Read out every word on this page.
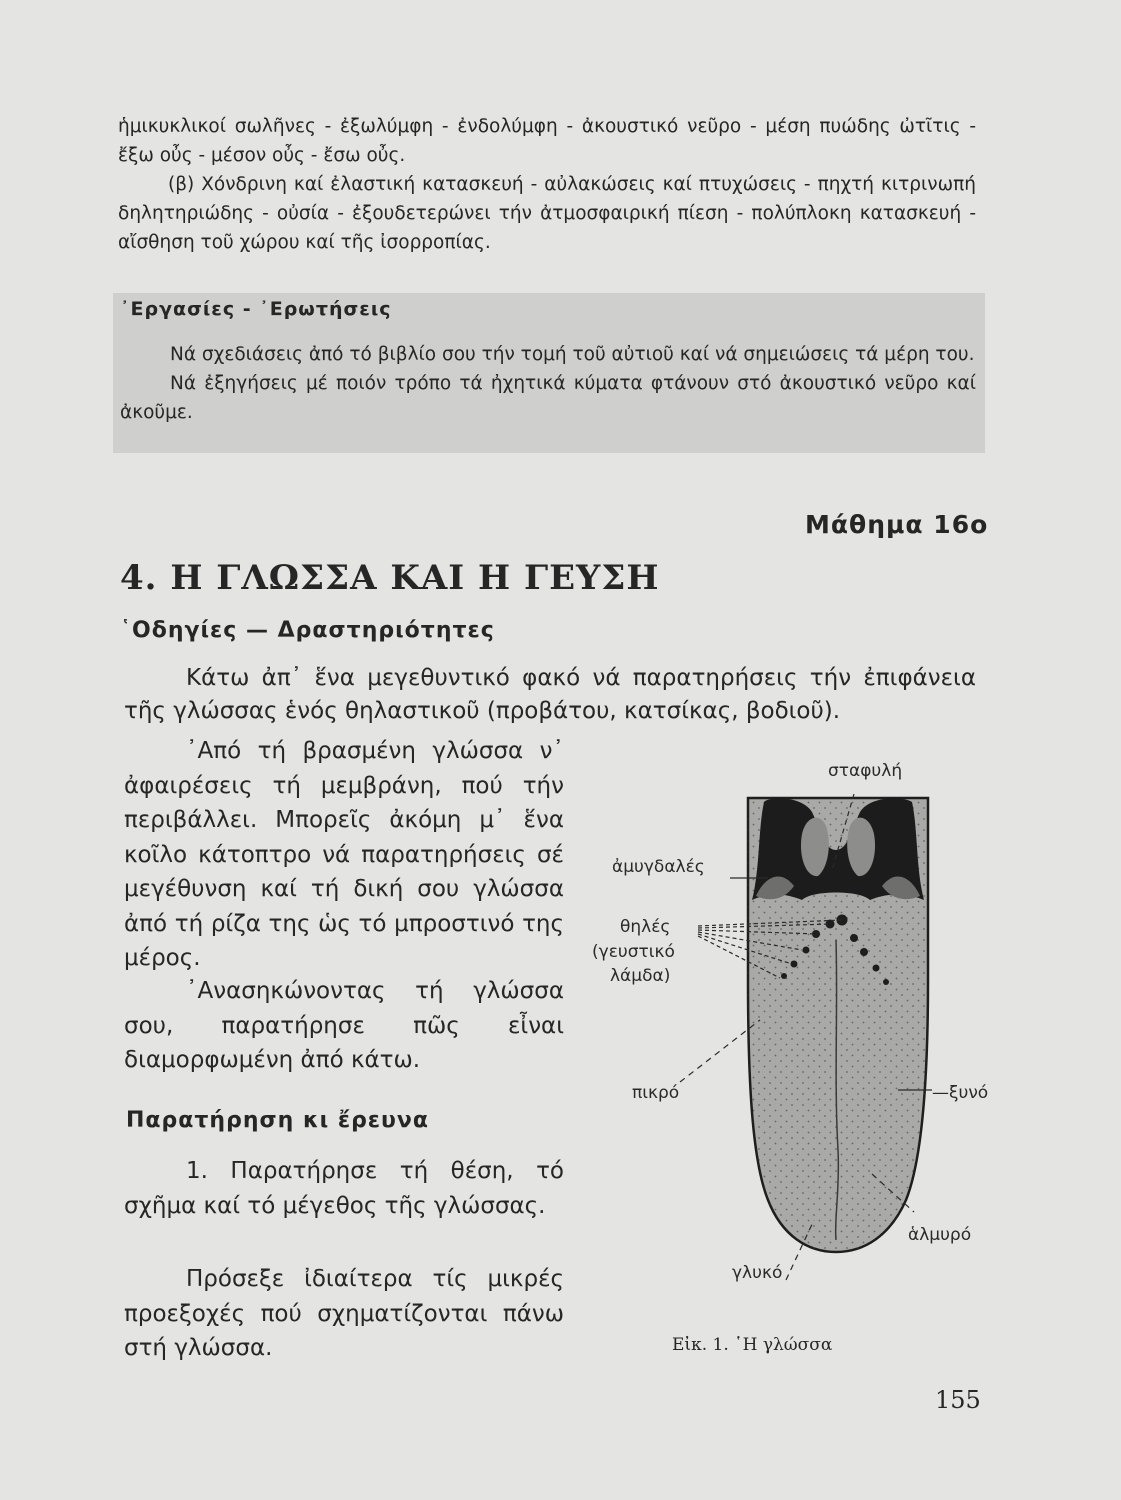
ἡμικυκλικοί σωλῆνες - ἐξωλύμφη - ἐνδολύμφη - ἀκουστικό νεῦρο - μέση πυώδης ὠτῖτις - ἔξω οὖς - μέσον οὖς - ἔσω οὖς.
(β) Χόνδρινη καί ἐλαστική κατασκευή - αὐλακώσεις καί πτυχώσεις - πηχτή κιτρινωπή δηλητηριώδης - οὐσία - ἐξουδετερώνει τήν ἀτμοσφαιρική πίεση - πολύπλοκη κατασκευή - αἴσθηση τοῦ χώρου καί τῆς ἰσορροπίας.
᾿Εργασίες - ᾿Ερωτήσεις
Νά σχεδιάσεις ἀπό τό βιβλίο σου τήν τομή τοῦ αὐτιοῦ καί νά σημειώσεις τά μέρη του.
Νά ἐξηγήσεις μέ ποιόν τρόπο τά ἠχητικά κύματα φτάνουν στό ἀκουστικό νεῦρο καί ἀκοῦμε.
Μάθημα 16ο
4. Η ΓΛΩΣΣΑ ΚΑΙ Η ΓΕΥΣΗ
῾Οδηγίες — Δραστηριότητες
Κάτω ἀπ᾿ ἕνα μεγεθυντικό φακό νά παρατηρήσεις τήν ἐπιφάνεια τῆς γλώσσας ἑνός θηλαστικοῦ (προβάτου, κατσίκας, βοδιοῦ).
᾿Από τή βρασμένη γλώσσα ν᾿ ἀφαιρέσεις τή μεμβράνη, πού τήν περιβάλλει. Μπορεῖς ἀκόμη μ᾿ ἕνα κοῖλο κάτοπτρο νά παρατηρήσεις σέ μεγέθυνση καί τή δική σου γλώσσα ἀπό τή ρίζα της ὡς τό μπροστινό της μέρος.
᾿Ανασηκώνοντας τή γλώσσα σου, παρατήρησε πῶς εἶναι διαμορφωμένη ἀπό κάτω.
Παρατήρηση κι ἔρευνα
1. Παρατήρησε τή θέση, τό σχῆμα καί τό μέγεθος τῆς γλώσσας.
Πρόσεξε ἰδιαίτερα τίς μικρές προεξοχές πού σχηματίζονται πάνω στή γλώσσα.
σταφυλή
ἀμυγδαλές
θηλές
(γευστικό
λάμδα)
πικρό	—ξυνό
ἁλμυρό
γλυκό
Εἰκ. 1. ῾Η γλώσσα
155
